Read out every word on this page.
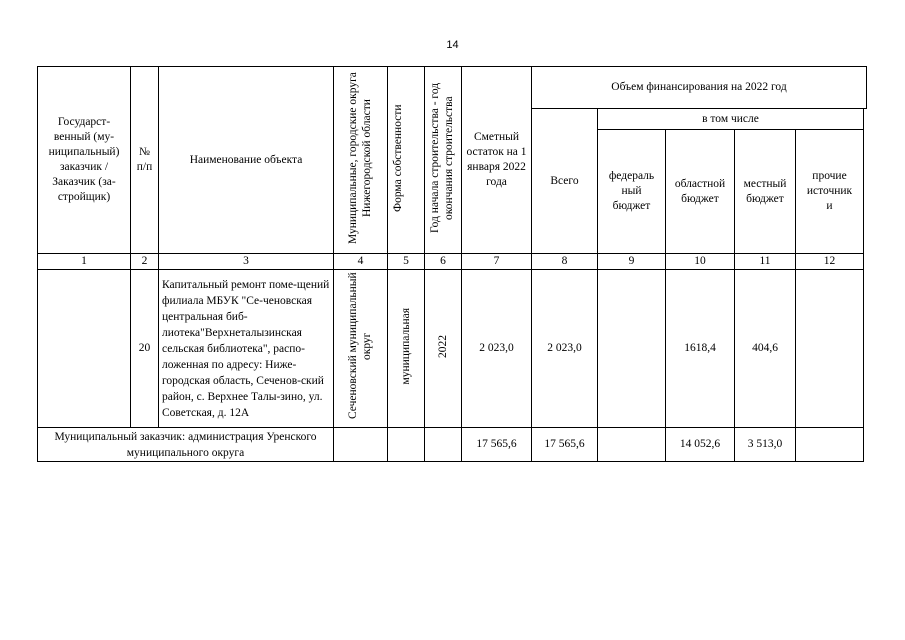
14
Государст-венный (му-ниципальный) заказчик / Заказчик (за-стройщик)	№ п/п	Наименование объекта	Муниципальные, городские округа Нижегородской области	Форма собственности	Год начала строительства - год окончания строительства	Сметный остаток на 1 января 2022 года	Объем финансирования на 2022 год				
							Всего	в том числе			

								федераль ный бюджет	областной бюджет	местный бюджет	прочие источник и

1	2	3	4	5	6	7	8	9	10	11	12
	20	Капитальный ремонт поме-щений филиала МБУК "Се-ченовская центральная биб-лиотека"Верхнеталызинская сельская библиотека", распо-ложенная по адресу: Ниже-городская область, Сеченов-ский район, с. Верхнее Талы-зино, ул. Советская, д. 12А	Сеченовский муниципальный округ	муниципальная	2022	2 023,0	2 023,0		1618,4	404,6	

Муниципальный заказчик: администрация Уренского муниципального округа						17 565,6	17 565,6		14 052,6	3 513,0	
